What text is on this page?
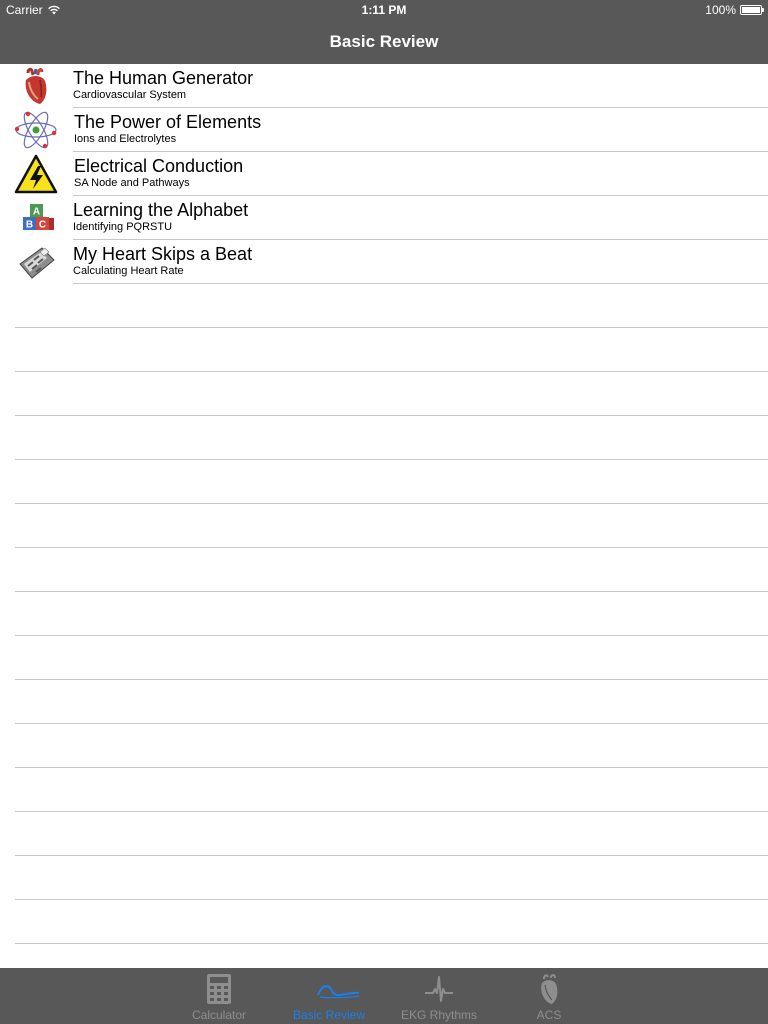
Carrier	1:11 PM	100%
Basic Review
The Human Generator
Cardiovascular System
The Power of Elements
Ions and Electrolytes
Electrical Conduction
SA Node and Pathways
A
B C
Learning the Alphabet
Identifying PQRSTU
My Heart Skips a Beat
Calculating Heart Rate
Calculator	Basic Review	EKG Rhythms	ACS
